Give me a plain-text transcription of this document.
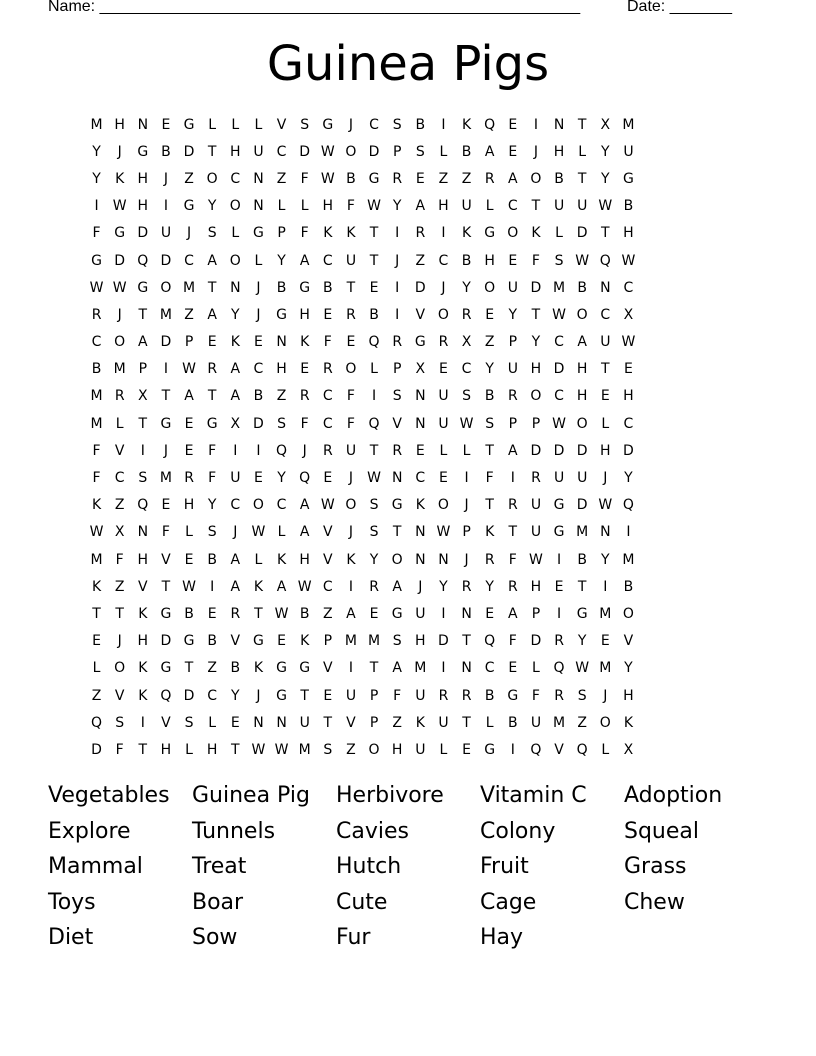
Name: ______________________________________________________	Date: _______
Guinea Pigs
M H N E G L	L	L	V S G	J	C S B	I	K Q E	I	N T	X M
Y	J	G B D T H U C D W O D P	S	L	B A E	J	H L	Y U
Y	K H	J	Z O C N Z	F W B G R E Z Z R A O B	T	Y G
I	W H	I	G Y O N L	L H F W Y	A H U	L	C T U U W B
F G D U	J	S	L G P	F	K K	T	I	R	I	K G O K	L D T H
G D Q D C A O L	Y	A C U T	J	Z C B H E	F	S W Q W
W W G O M T N	J	B G B	T	E	I	D	J	Y O U D M B N C
R	J	T M Z A	Y	J	G H E R B	I	V O R E	Y	T W O C X
C O A D P	E	K	E N K	F	E Q R G R X Z	P	Y C A U W
B M P	I	W R A C H E R O L	P	X E C Y U H D H T	E
M R X	T	A	T	A B Z R C	F	I	S N U S B R O C H E H
M L	T G E G X D S	F	C	F Q V N U W S	P	P W O L	C
F	V	I	J	E	F	I	I	Q	J	R U T R E	L	L	T	A D D D H D
F	C S M R	F U E	Y Q E	J	W N C E	I	F	I	R U U	J	Y
K Z Q E H Y C O C A W O S G K O	J	T R U G D W Q
W X N F	L	S	J	W L	A V	J	S	T N W P	K	T U G M N	I
M F H V E B A	L	K H V K	Y O N N	J	R	F W	I	B	Y M
K Z V	T W	I	A K A W C	I	R A	J	Y R Y R H E	T	I	B
T	T	K G B E R T W B Z A E G U	I	N E A	P	I	G M O
E	J	H D G B V G E	K	P M M S H D T Q F D R Y	E V
L O K G T	Z B K G G V	I	T	A M	I	N C E	L Q W M Y
Z V K Q D C Y	J	G T	E U P	F U R R B G F	R S	J	H
Q S	I	V S	L	E N N U T	V	P	Z K U T	L	B U M Z O K
D F	T H L H T W W M S Z O H U	L	E G	I	Q V Q L	X
Vegetables	Guinea Pig	Herbivore	Vitamin C	Adoption
Explore	Tunnels	Cavies	Colony	Squeal
Mammal	Treat	Hutch	Fruit	Grass
Toys	Boar	Cute	Cage	Chew
Diet	Sow	Fur	Hay
